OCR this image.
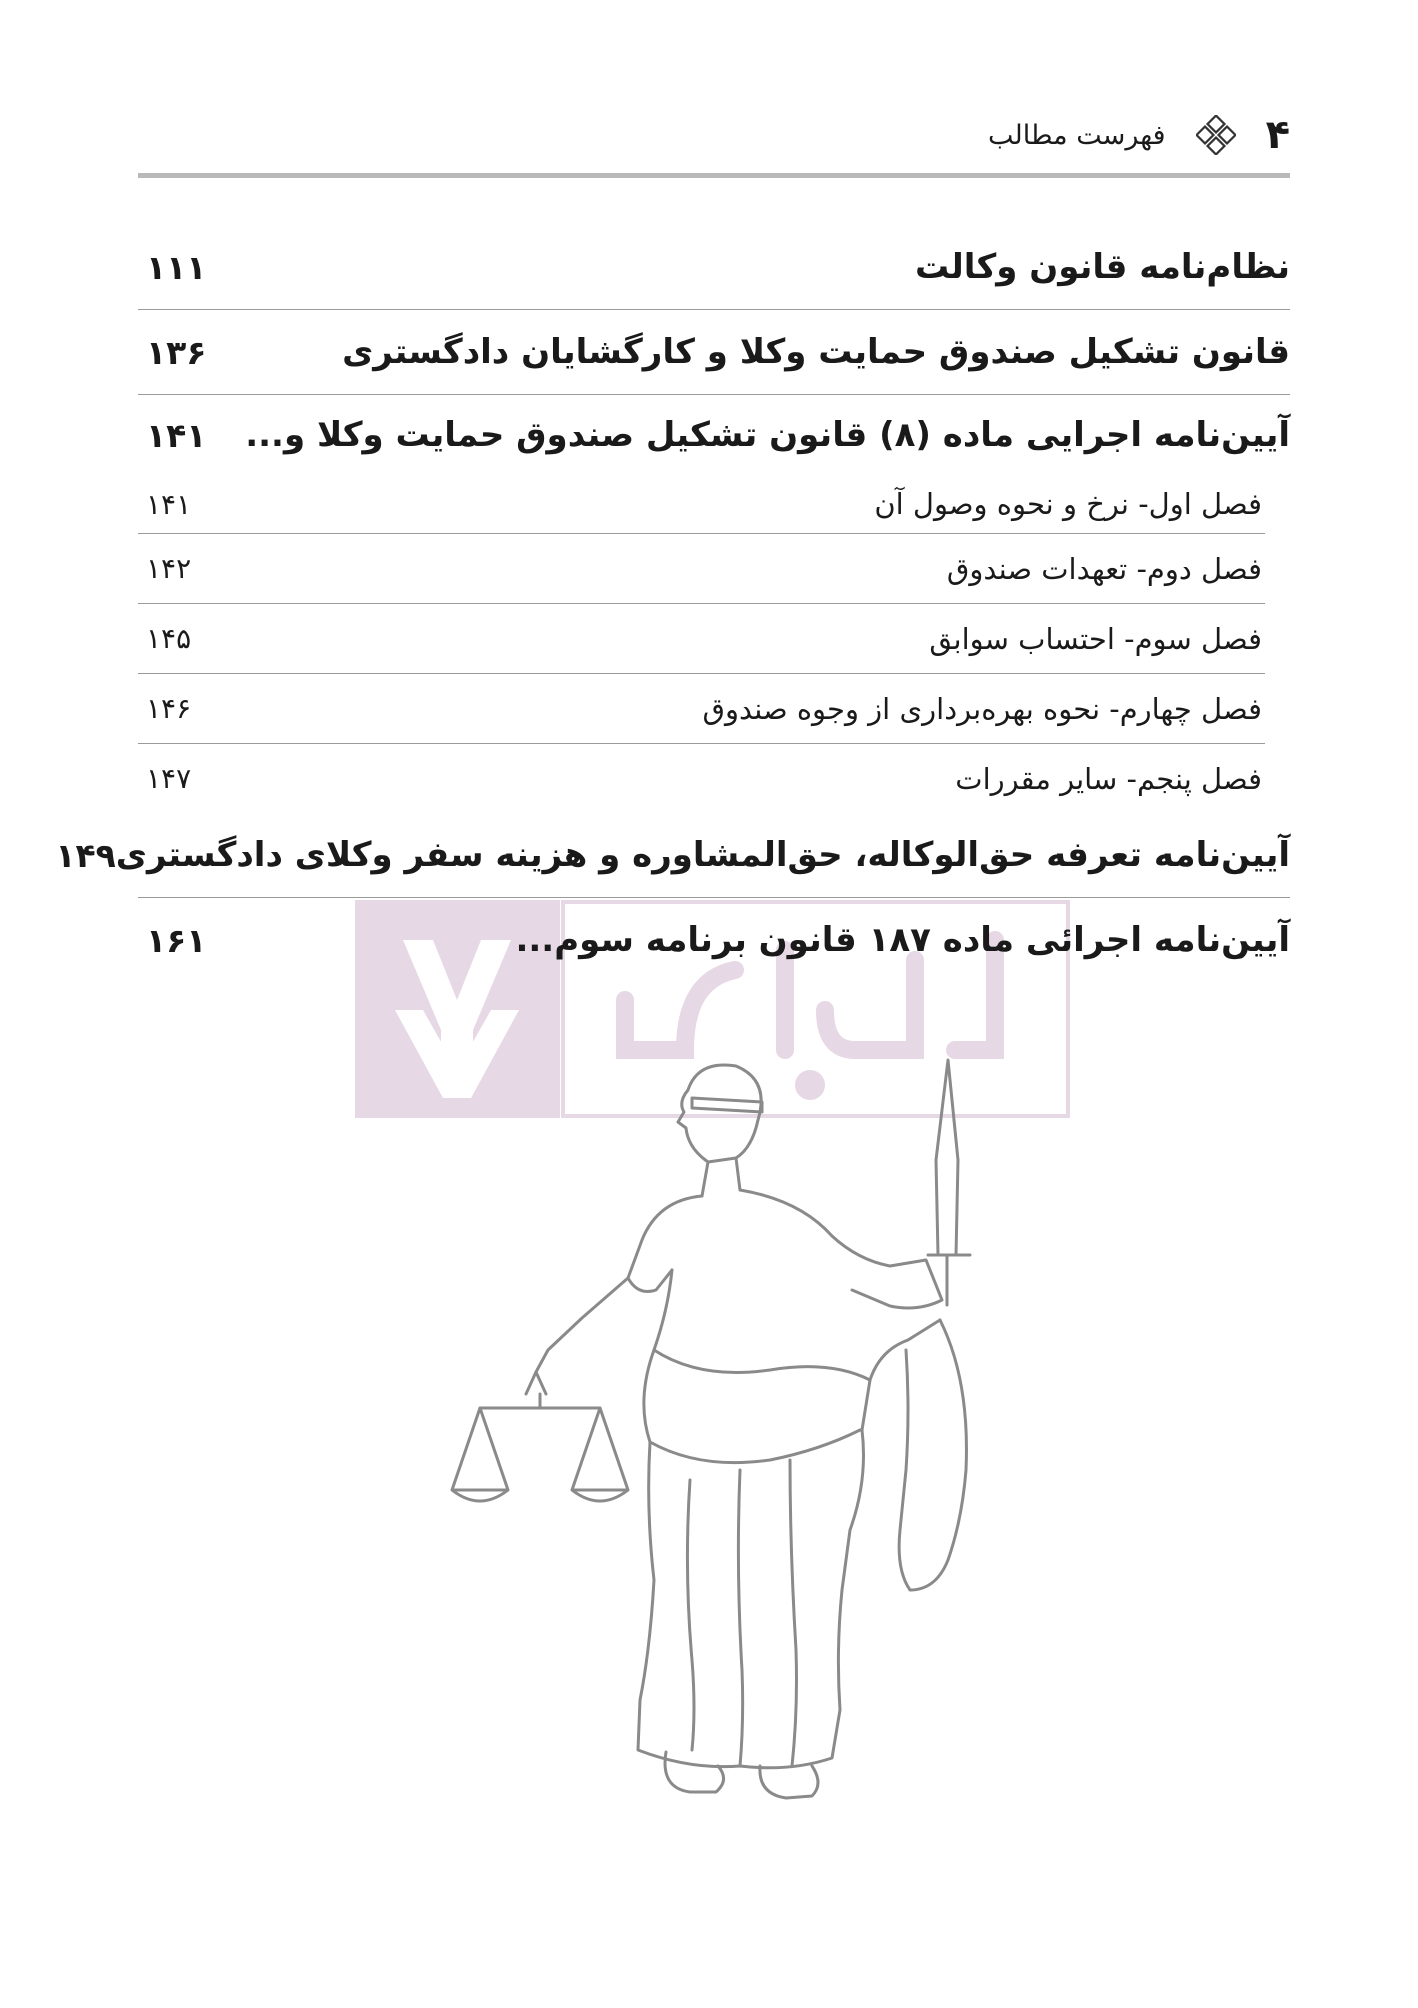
۴
فهرست مطالب
نظام‌نامه قانون وکالت
۱۱۱
قانون تشکیل صندوق حمایت وکلا و کارگشایان دادگستری
۱۳۶
آیین‌نامه اجرایی ماده (۸) قانون تشکیل صندوق حمایت وکلا و...
۱۴۱
فصل اول- نرخ و نحوه وصول آن
۱۴۱
فصل دوم- تعهدات صندوق
۱۴۲
فصل سوم- احتساب سوابق
۱۴۵
فصل چهارم- نحوه بهره‌برداری از وجوه صندوق
۱۴۶
فصل پنجم- سایر مقررات
۱۴۷
آیین‌نامه تعرفه حق‌الوکاله، حق‌المشاوره و هزینه سفر وکلای دادگستری
۱۴۹
آیین‌نامه اجرائی ماده ۱۸۷ قانون برنامه سوم...
۱۶۱
